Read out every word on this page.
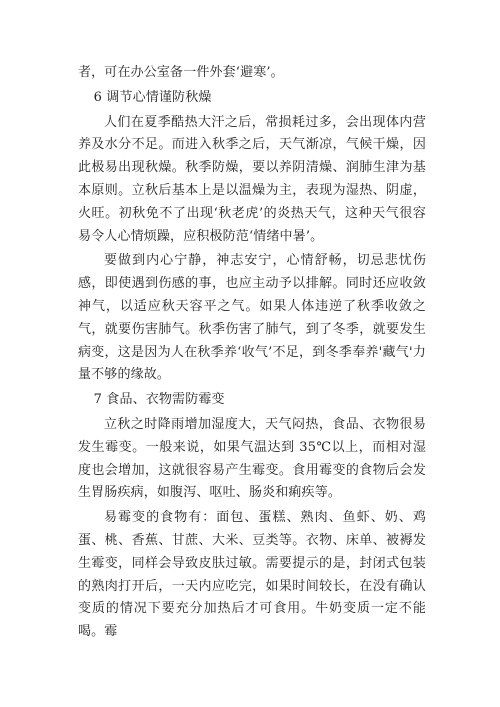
者，可在办公室备一件外套‘避寒’。

6 调节心情谨防秋燥

人们在夏季酷热大汗之后，常损耗过多，会出现体内营养及水分不足。而进入秋季之后，天气渐凉，气候干燥，因此极易出现秋燥。秋季防燥，要以养阴清燥、润肺生津为基本原则。立秋后基本上是以温燥为主，表现为湿热、阴虚，火旺。初秋免不了出现‘秋老虎’的炎热天气，这种天气很容易令人心情烦躁，应积极防范‘情绪中暑’。

要做到内心宁静，神志安宁，心情舒畅，切忌悲忧伤感，即使遇到伤感的事，也应主动予以排解。同时还应收敛神气，以适应秋天容平之气。如果人体违逆了秋季收敛之气，就要伤害肺气。秋季伤害了肺气，到了冬季，就要发生病变，这是因为人在秋季养‘收气’不足，到冬季奉养'藏气'力量不够的缘故。

7 食品、衣物需防霉变

立秋之时降雨增加湿度大，天气闷热，食品、衣物很易发生霉变。一般来说，如果气温达到 35℃以上，而相对湿度也会增加，这就很容易产生霉变。食用霉变的食物后会发生胃肠疾病，如腹泻、呕吐、肠炎和痢疾等。

易霉变的食物有：面包、蛋糕、熟肉、鱼虾、奶、鸡蛋、桃、香蕉、甘蔗、大米、豆类等。衣物、床单、被褥发生霉变，同样会导致皮肤过敏。需要提示的是，封闭式包装的熟肉打开后，一天内应吃完，如果时间较长，在没有确认变质的情况下要充分加热后才可食用。牛奶变质一定不能喝。霉
